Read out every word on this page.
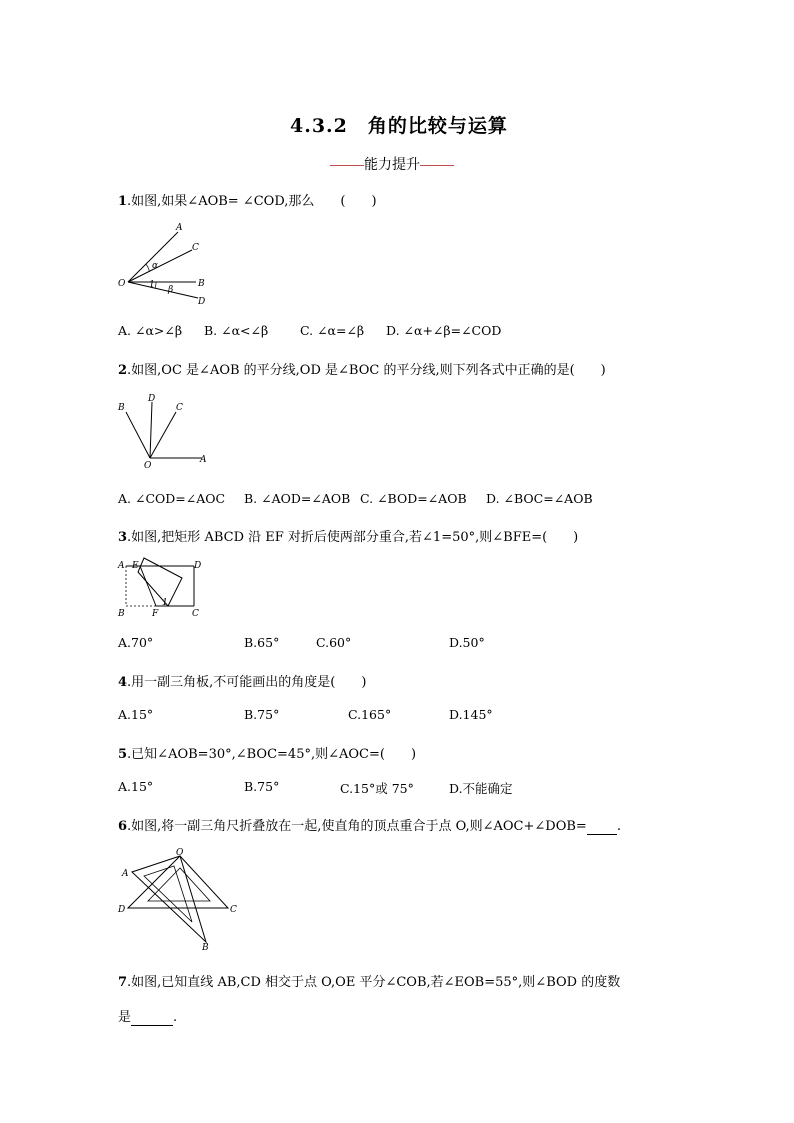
4.3.2　角的比较与运算
能力提升
1.如图,如果∠AOB= ∠COD,那么　　(　　)
A
C
O	B
D
α
β
1
A. ∠α>∠β B. ∠α<∠β	C. ∠α=∠β D. ∠α+∠β=∠COD
2.如图,OC 是∠AOB 的平分线,OD 是∠BOC 的平分线,则下列各式中正确的是(　　)
B
D
C
O
A
A. ∠COD=∠AOC B. ∠AOD=∠AOB C. ∠BOD=∠AOB D. ∠BOC=∠AOB
3.如图,把矩形 ABCD 沿 EF 对折后使两部分重合,若∠1=50°,则∠BFE=(　　)
A E	D
B	F	C
1
A.70°	B.65°	C.60°	D.50°
4.用一副三角板,不可能画出的角度是(　　)
A.15°	B.75°	C.165°	D.145°
5.已知∠AOB=30°,∠BOC=45°,则∠AOC=(　　)
A.15°	B.75°	C.15°或 75°	D.不能确定
6.如图,将一副三角尺折叠放在一起,使直角的顶点重合于点 O,则∠AOC+∠DOB= .
O
A
D	C
B
7.如图,已知直线 AB,CD 相交于点 O,OE 平分∠COB,若∠EOB=55°,则∠BOD 的度数
是	.
